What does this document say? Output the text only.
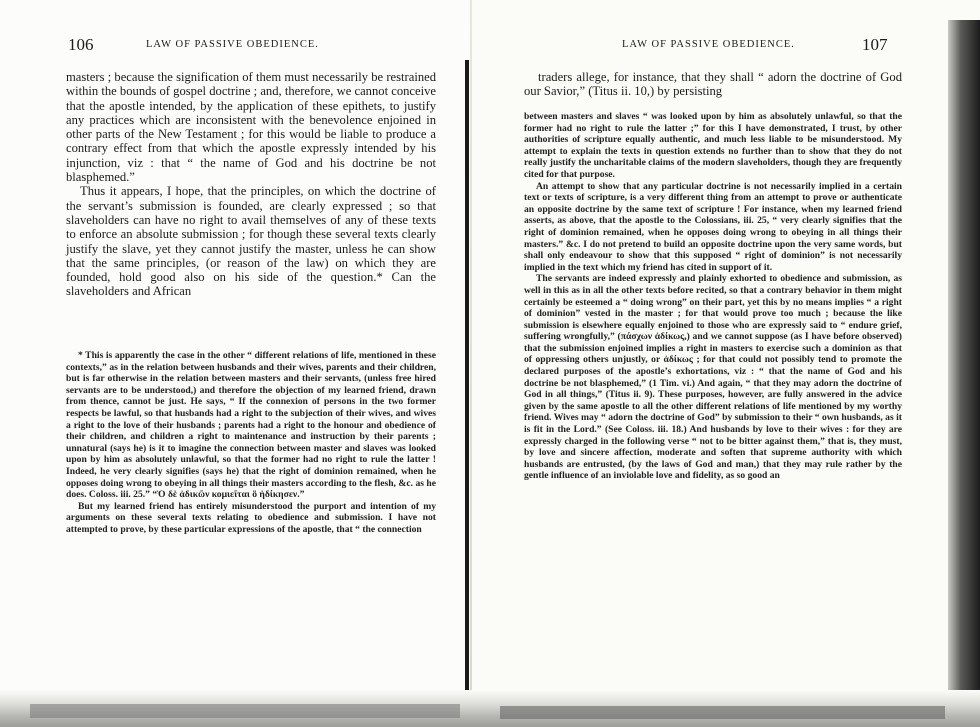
106	LAW OF PASSIVE OBEDIENCE.

masters ; because the signification of them must necessarily be restrained within the bounds of gospel doctrine ; and, therefore, we cannot conceive that the apostle intended, by the application of these epithets, to justify any practices which are inconsistent with the benevolence enjoined in other parts of the New Testament ; for this would be liable to produce a contrary effect from that which the apostle expressly intended by his injunction, viz : that “ the name of God and his doctrine be not blasphemed.”

Thus it appears, I hope, that the principles, on which the doctrine of the servant’s submission is founded, are clearly expressed ; so that slaveholders can have no right to avail themselves of any of these texts to enforce an absolute submission ; for though these several texts clearly justify the slave, yet they cannot justify the master, unless he can show that the same principles, (or reason of the law) on which they are founded, hold good also on his side of the question.* Can the slaveholders and African

* This is apparently the case in the other “ different relations of life, mentioned in these contexts,” as in the relation between husbands and their wives, parents and their children, but is far otherwise in the relation between masters and their servants, (unless free hired servants are to be understood,) and therefore the objection of my learned friend, drawn from thence, cannot be just. He says, “ If the connexion of persons in the two former respects be lawful, so that husbands had a right to the subjection of their wives, and wives a right to the love of their husbands ; parents had a right to the honour and obedience of their children, and children a right to maintenance and instruction by their parents ; unnatural (says he) is it to imagine the connection between master and slaves was looked upon by him as absolutely unlawful, so that the former had no right to rule the latter ! Indeed, he very clearly signifies (says he) that the right of dominion remained, when he opposes doing wrong to obeying in all things their masters according to the flesh, &c. as he does. Coloss. iii. 25.” “Ὁ δὲ ἀδικῶν κομιεῖται ὃ ἠδίκησεν.”

But my learned friend has entirely misunderstood the purport and intention of my arguments on these several texts relating to obedience and submission. I have not attempted to prove, by these particular expressions of the apostle, that “ the connection

LAW OF PASSIVE OBEDIENCE.	107

traders allege, for instance, that they shall “ adorn the doctrine of God our Savior,” (Titus ii. 10,) by persisting

between masters and slaves “ was looked upon by him as absolutely unlawful, so that the former had no right to rule the latter ;” for this I have demonstrated, I trust, by other authorities of scripture equally authentic, and much less liable to be misunderstood. My attempt to explain the texts in question extends no further than to show that they do not really justify the uncharitable claims of the modern slaveholders, though they are frequently cited for that purpose.

An attempt to show that any particular doctrine is not necessarily implied in a certain text or texts of scripture, is a very different thing from an attempt to prove or authenticate an opposite doctrine by the same text of scripture ! For instance, when my learned friend asserts, as above, that the apostle to the Colossians, iii. 25, “ very clearly signifies that the right of dominion remained, when he opposes doing wrong to obeying in all things their masters.” &c. I do not pretend to build an opposite doctrine upon the very same words, but shall only endeavour to show that this supposed “ right of dominion” is not necessarily implied in the text which my friend has cited in support of it.

The servants are indeed expressly and plainly exhorted to obedience and submission, as well in this as in all the other texts before recited, so that a contrary behavior in them might certainly be esteemed a “ doing wrong” on their part, yet this by no means implies “ a right of dominion” vested in the master ; for that would prove too much ; because the like submission is elsewhere equally enjoined to those who are expressly said to “ endure grief, suffering wrongfully,” (πάσχων ἀδίκως,) and we cannot suppose (as I have before observed) that the submission enjoined implies a right in masters to exercise such a dominion as that of oppressing others unjustly, or ἀδίκως ; for that could not possibly tend to promote the declared purposes of the apostle’s exhortations, viz : “ that the name of God and his doctrine be not blasphemed,” (1 Tim. vi.) And again, “ that they may adorn the doctrine of God in all things,” (Titus ii. 9). These purposes, however, are fully answered in the advice given by the same apostle to all the other different relations of life mentioned by my worthy friend. Wives may “ adorn the doctrine of God” by submission to their “ own husbands, as it is fit in the Lord.” (See Coloss. iii. 18.) And husbands by love to their wives : for they are expressly charged in the following verse “ not to be bitter against them,” that is, they must, by love and sincere affection, moderate and soften that supreme authority with which husbands are entrusted, (by the laws of God and man,) that they may rule rather by the gentle influence of an inviolable love and fidelity, as so good an
